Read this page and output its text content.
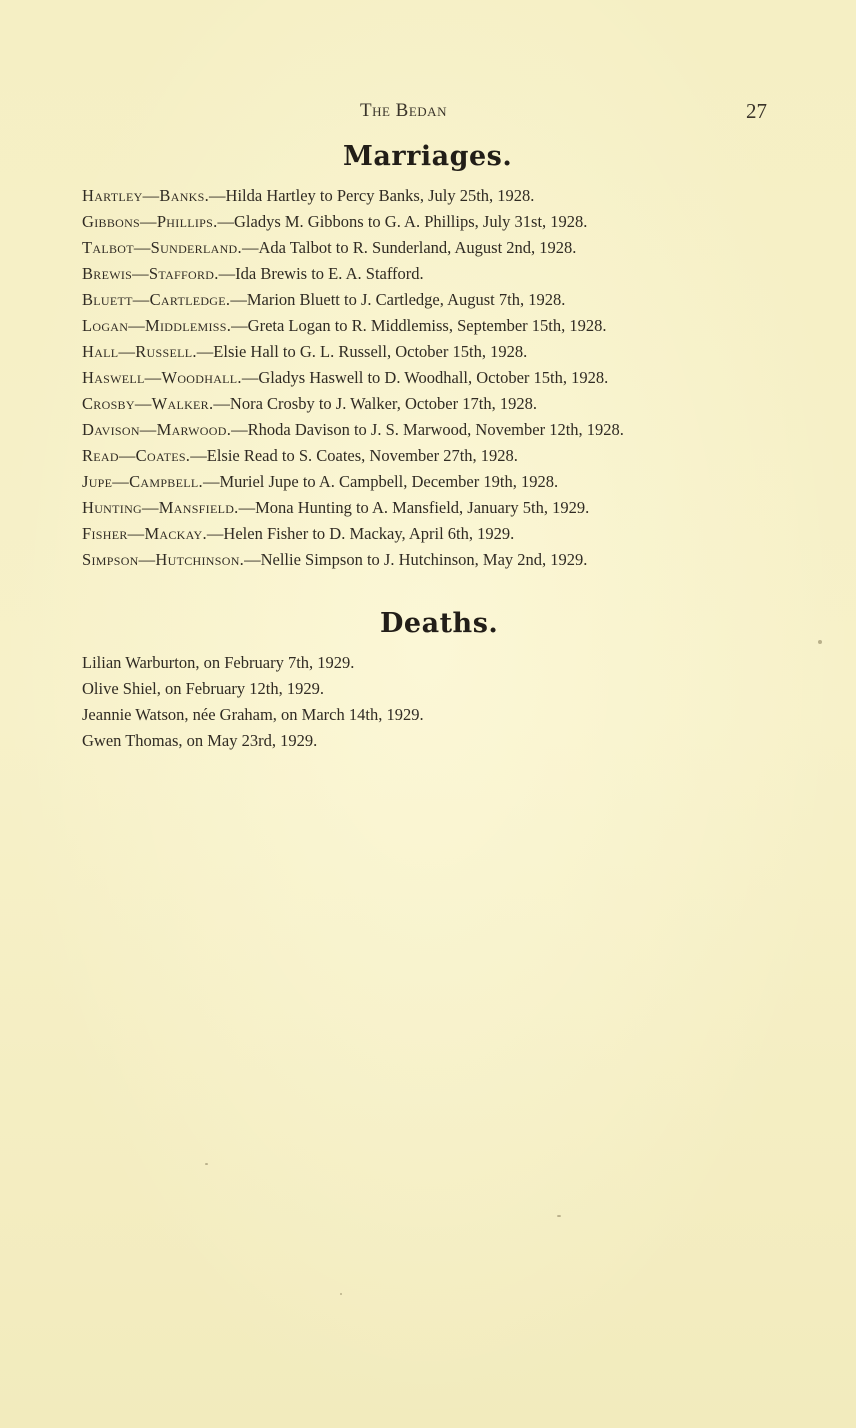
The Bedan	27
Marriages.
Hartley—Banks.—Hilda Hartley to Percy Banks, July 25th, 1928.
Gibbons—Phillips.—Gladys M. Gibbons to G. A. Phillips, July 31st, 1928.
Talbot—Sunderland.—Ada Talbot to R. Sunderland, August 2nd, 1928.
Brewis—Stafford.—Ida Brewis to E. A. Stafford.
Bluett—Cartledge.—Marion Bluett to J. Cartledge, August 7th, 1928.
Logan—Middlemiss.—Greta Logan to R. Middlemiss, September 15th, 1928.
Hall—Russell.—Elsie Hall to G. L. Russell, October 15th, 1928.
Haswell—Woodhall.—Gladys Haswell to D. Woodhall, October 15th, 1928.
Crosby—Walker.—Nora Crosby to J. Walker, October 17th, 1928.
Davison—Marwood.—Rhoda Davison to J. S. Marwood, November 12th, 1928.
Read—Coates.—Elsie Read to S. Coates, November 27th, 1928.
Jupe—Campbell.—Muriel Jupe to A. Campbell, December 19th, 1928.
Hunting—Mansfield.—Mona Hunting to A. Mansfield, January 5th, 1929.
Fisher—Mackay.—Helen Fisher to D. Mackay, April 6th, 1929.
Simpson—Hutchinson.—Nellie Simpson to J. Hutchinson, May 2nd, 1929.
Deaths.
Lilian Warburton, on February 7th, 1929.
Olive Shiel, on February 12th, 1929.
Jeannie Watson, née Graham, on March 14th, 1929.
Gwen Thomas, on May 23rd, 1929.
